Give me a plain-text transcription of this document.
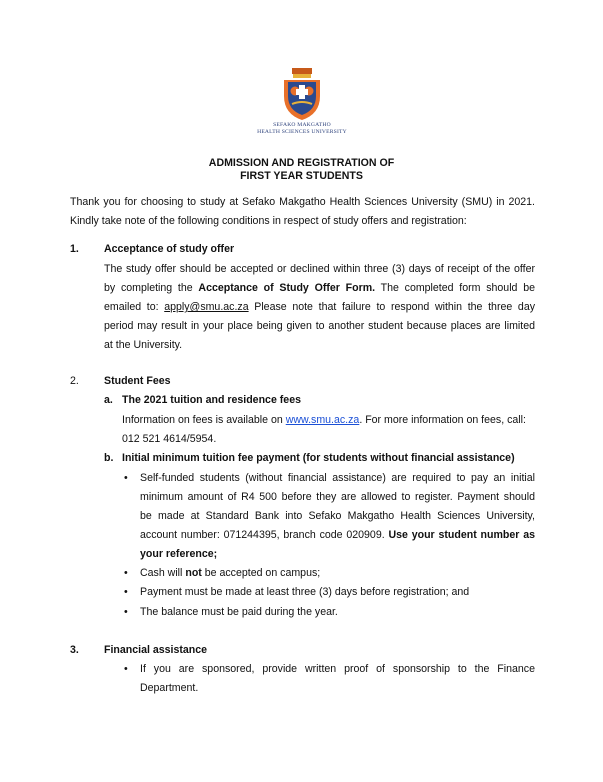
SEFAKO MAKGATHO
HEALTH SCIENCES UNIVERSITY
ADMISSION AND REGISTRATION OF
FIRST YEAR STUDENTS
Thank you for choosing to study at Sefako Makgatho Health Sciences University (SMU) in 2021.
Kindly take note of the following conditions in respect of study offers and registration:
1. Acceptance of study offer
The study offer should be accepted or declined within three (3) days of receipt of the offer
by completing the Acceptance of Study Offer Form. The completed form should be
emailed to: apply@smu.ac.za Please note that failure to respond within the three day
period may result in your place being given to another student because places are limited
at the University.
2. Student Fees
a. The 2021 tuition and residence fees
Information on fees is available on www.smu.ac.za. For more information on fees, call:
012 521 4614/5954.
b. Initial minimum tuition fee payment (for students without financial assistance)
• Self-funded students (without financial assistance) are required to pay an initial
minimum amount of R4 500 before they are allowed to register. Payment should
be made at Standard Bank into Sefako Makgatho Health Sciences University,
account number: 071244395, branch code 020909. Use your student number as
your reference;
• Cash will not be accepted on campus;
• Payment must be made at least three (3) days before registration; and
• The balance must be paid during the year.
3. Financial assistance
• If you are sponsored, provide written proof of sponsorship to the Finance
Department.
